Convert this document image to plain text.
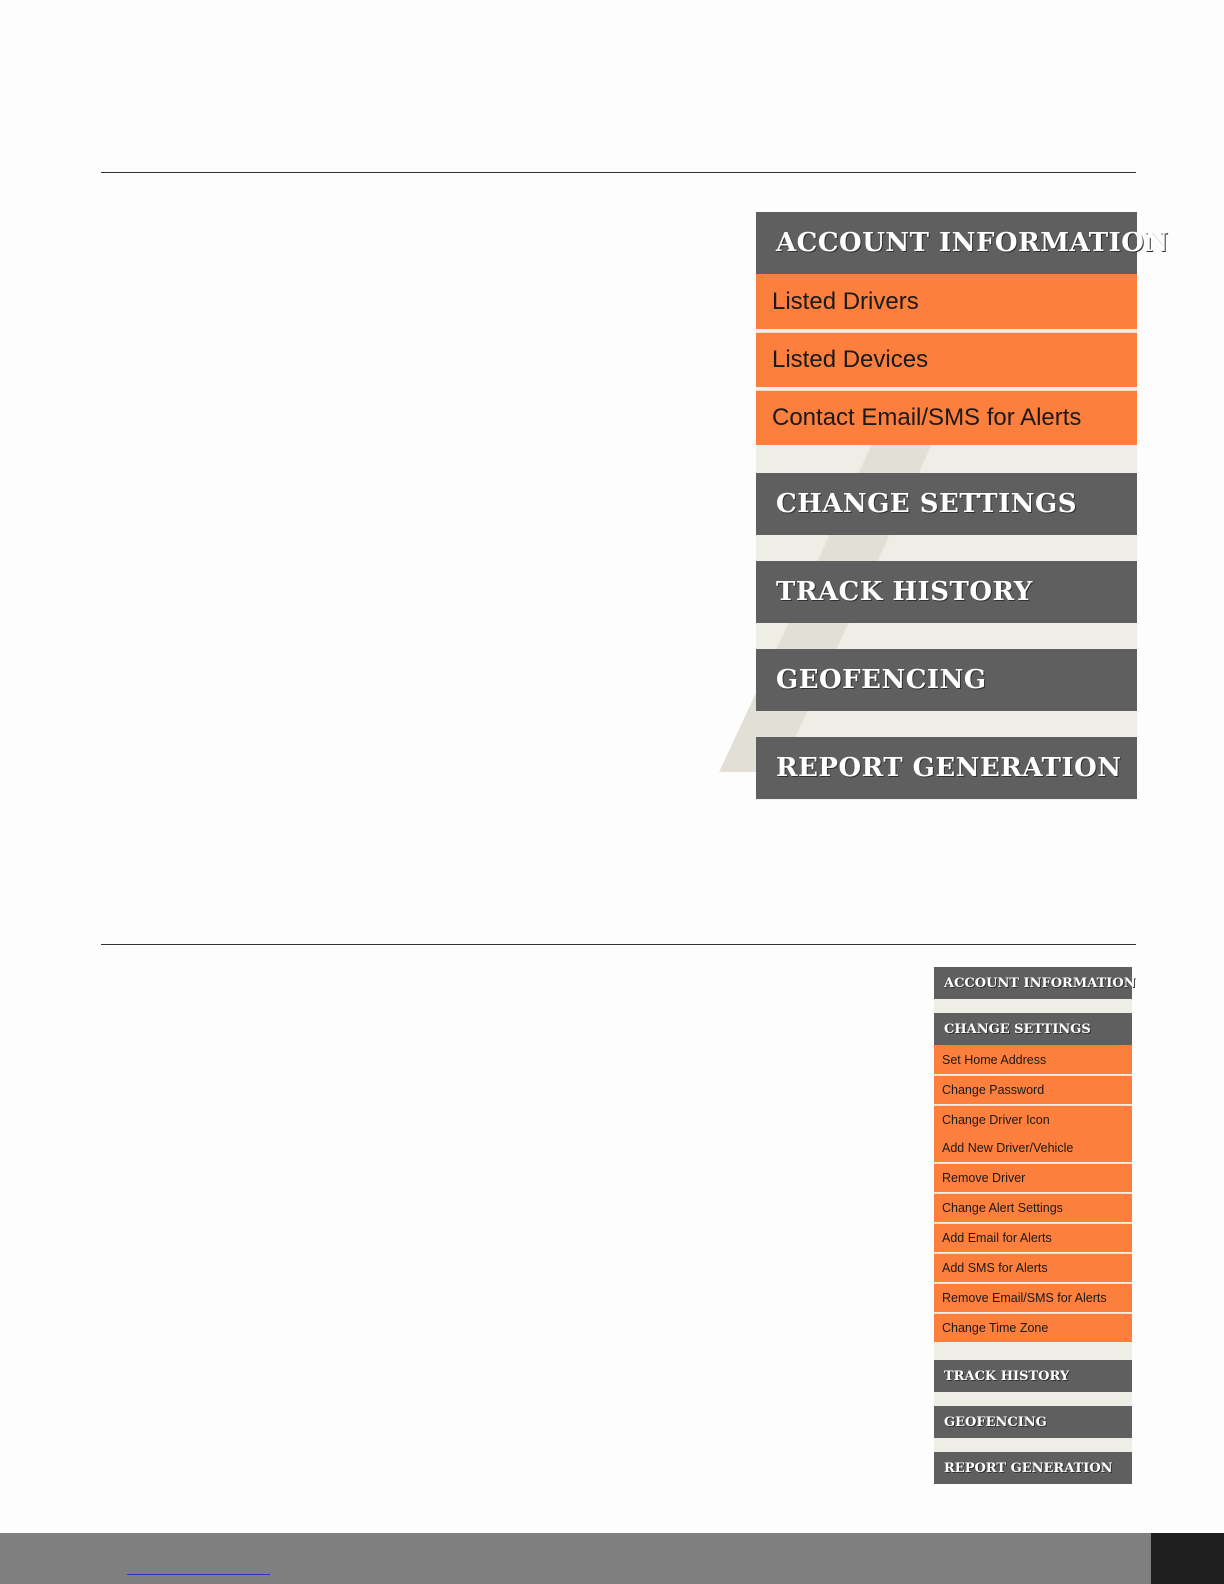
ACCOUNT INFORMATION
Listed Drivers
Listed Devices
Contact Email/SMS for Alerts
CHANGE SETTINGS
TRACK HISTORY
GEOFENCING
REPORT GENERATION
ACCOUNT INFORMATION
CHANGE SETTINGS
Set Home Address
Change Password
Change Driver Icon
Add New Driver/Vehicle
Remove Driver
Change Alert Settings
Add Email for Alerts
Add SMS for Alerts
Remove Email/SMS for Alerts
Change Time Zone
TRACK HISTORY
GEOFENCING
REPORT GENERATION
